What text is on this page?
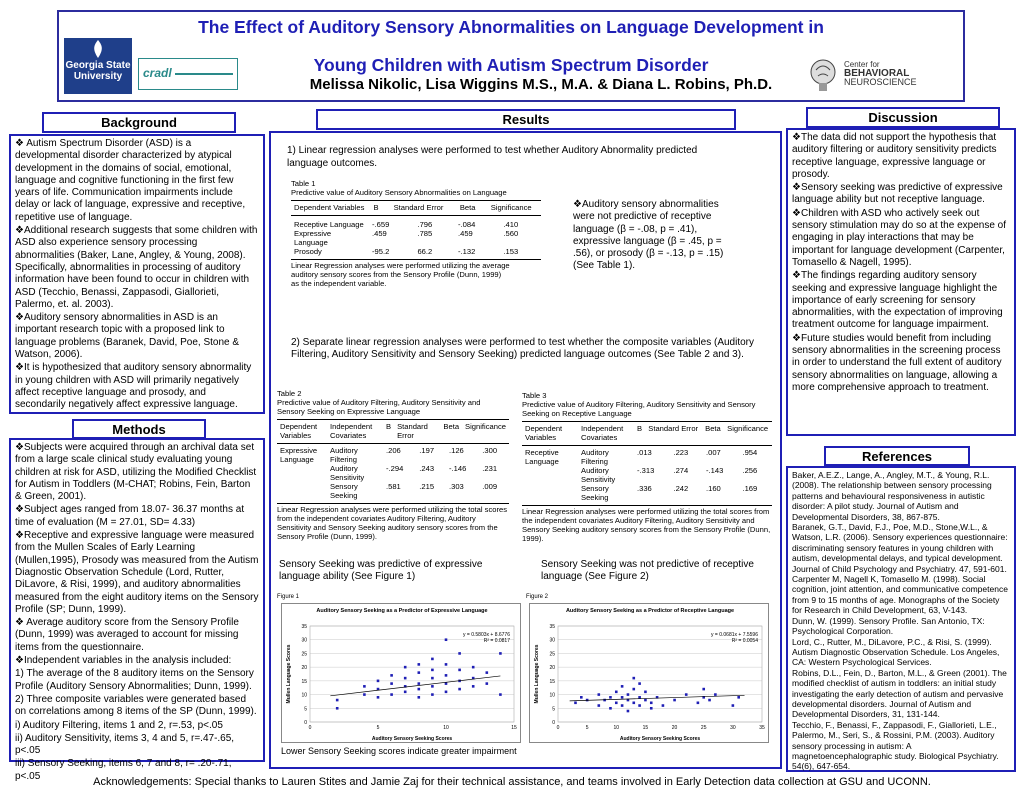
The Effect of Auditory Sensory Abnormalities on Language Development in
Young Children with Autism Spectrum Disorder
Melissa Nikolic, Lisa Wiggins M.S., M.A. & Diana L. Robins, Ph.D.
Georgia State University	cradl
Center for
BEHAVIORAL
NEUROSCIENCE
Background	Results	Discussion
Methods
References

❖ Autism Spectrum Disorder (ASD) is a developmental disorder characterized by atypical development in the domains of social, emotional, language and cognitive functioning in the first few years of life. Communication impairments include delay or lack of language, expressive and receptive, repetitive use of language.

❖Additional research suggests that some children with ASD also experience sensory processing abnormalities (Baker, Lane, Angley, & Young, 2008). Specifically, abnormalities in processing of auditory information have been found to occur in children with ASD (Tecchio, Benassi, Zappasodi, Giallorieti, Palermo, et. al. 2003).

❖Auditory sensory abnormalities in ASD is an important research topic with a proposed link to language problems (Baranek, David, Poe, Stone & Watson, 2006).

❖It is hypothesized that auditory sensory abnormality in young children with ASD will primarily negatively affect receptive language and prosody, and secondarily negatively affect expressive language.

❖Subjects were acquired through an archival data set from a large scale clinical study evaluating young children at risk for ASD, utilizing the Modified Checklist for Autism in Toddlers (M-CHAT; Robins, Fein, Barton & Green, 2001).

❖Subject ages ranged from 18.07- 36.37 months at time of evaluation (M = 27.01, SD= 4.33)

❖Receptive and expressive language were measured from the Mullen Scales of Early Learning (Mullen,1995), Prosody was measured from the Autism Diagnostic Observation Schedule (Lord, Rutter, DiLavore, & Risi, 1999), and auditory abnormalities measured from the eight auditory items on the Sensory Profile (SP; Dunn, 1999).

❖ Average auditory score from the Sensory Profile (Dunn, 1999) was averaged to account for missing items from the questionnaire.

❖Independent variables in the analysis included:

1) The average of the 8 auditory items on the Sensory Profile (Auditory Sensory Abnormalities; Dunn, 1999).

2) Three composite variables were generated based on correlations among 8 items of the SP (Dunn, 1999).

i) Auditory Filtering, items 1 and 2, r=.53, p<.05

ii) Auditory Sensitivity, items 3, 4 and 5, r=.47-.65, p<.05

iii) Sensory Seeking, items 6, 7 and 8, r= .20-.71, p<.05

1) Linear regression analyses were performed to test whether Auditory Abnormality predicted language outcomes.
Table 1
Predictive value of Auditory Sensory Abnormalities on Language
Dependent Variables	B	Standard Error	Beta	Significance
Receptive Language	-.659	.796	-.084	.410
Expressive Language	.459	.785	.459	.560
Prosody	-95.2	66.2	-.132	.153
Linear Regression analyses were performed utilizing the average auditory sensory scores from the Sensory Profile (Dunn, 1999) as the independent variable.
❖Auditory sensory abnormalities were not predictive of receptive language (β = -.08, p = .41), expressive language (β = .45, p = .56), or prosody (β = -.13, p = .15) (See Table 1).
2) Separate linear regression analyses were performed to test whether the composite variables (Auditory Filtering, Auditory Sensitivity and Sensory Seeking) predicted language outcomes (See Table 2 and 3).
Table 2
Predictive value of Auditory Filtering, Auditory Sensitivity and Sensory Seeking on Expressive Language
Dependent Variables	Independent Covariates	B	Standard Error	Beta	Significance
Expressive Language	Auditory Filtering	.206	.197	.126	.300
	Auditory Sensitivity	-.294	.243	-.146	.231
	Sensory Seeking	.581	.215	.303	.009
Linear Regression analyses were performed utilizing the total scores from the independent covariates Auditory Filtering, Auditory Sensitivity and Sensory Seeking auditory sensory scores from the Sensory Profile (Dunn, 1999).
Table 3
Predictive value of Auditory Filtering, Auditory Sensitivity and Sensory Seeking on Receptive Language
Dependent Variables	Independent Covariates	B	Standard Error	Beta	Significance
Receptive Language	Auditory Filtering	.013	.223	.007	.954
	Auditory Sensitivity	-.313	.274	-.143	.256
	Sensory Seeking	.336	.242	.160	.169
Linear Regression analyses were performed utilizing the total scores from the independent covariates Auditory Filtering, Auditory Sensitivity and Sensory Seeking auditory sensory scores from the Sensory Profile (Dunn, 1999).
Sensory Seeking was predictive of expressive language ability (See Figure 1)
Sensory Seeking was not predictive of receptive language (See Figure 2)
Figure 1
Auditory Sensory Seeking as a Predictor of Expressive Language
0
5
10
15
20
25
30
35
0	5	10	15
Auditory Sensory Seeking Scores
Mullen Language Scores
y = 0.5803x + 8.6776
R² = 0.0817
Figure 2
Auditory Sensory Seeking as a Predictor of Receptive Language
0
5
10
15
20
25
30
35
0	5	10	15	20	25	30	35
Auditory Sensory Seeking Scores
Mullen Language Scores
y = 0.0681x + 7.5596
R² = 0.0054
Lower Sensory Seeking scores indicate greater impairment

❖The data did not support the hypothesis that auditory filtering or auditory sensitivity predicts receptive language, expressive language or prosody.

❖Sensory seeking was predictive of expressive language ability but not receptive language.

❖Children with ASD who actively seek out sensory stimulation may do so at the expense of engaging in play interactions that may be important for language development (Carpenter, Tomasello & Nagell, 1995).

❖The findings regarding auditory sensory seeking and expressive language highlight the importance of early screening for sensory abnormalities, with the expectation of improving treatment outcome for language impairment.

❖Future studies would benefit from including sensory abnormalities in the screening process in order to understand the full extent of auditory sensory abnormalities on language, allowing a more comprehensive approach to treatment.

Baker, A.E.Z., Lange, A., Angley, M.T., & Young, R.L. (2008). The relationship between sensory processing patterns and behavioural responsiveness in autistic disorder: A pilot study. Journal of Autism and Developmental Disorders, 38, 867-875.

Baranek, G.T., David, F.J., Poe, M.D., Stone,W.L., & Watson, L.R. (2006). Sensory experiences questionnaire: discriminating sensory features in young children with autism, developmental delays, and typical development. Journal of Child Psychology and Psychiatry. 47, 591-601.

Carpenter M, Nagell K, Tomasello M. (1998). Social cognition, joint attention, and communicative competence from 9 to 15 months of age. Monographs of the Society for Research in Child Development, 63, V-143.

Dunn, W. (1999). Sensory Profile. San Antonio, TX: Psychological Corporation.

Lord, C., Rutter, M., DiLavore, P.C., & Risi, S. (1999). Autism Diagnostic Observation Schedule. Los Angeles, CA: Western Psychological Services.

Robins, D.L., Fein, D., Barton, M.L., & Green (2001). The modified checklist of autism in toddlers: an initial study investigating the early detection of autism and pervasive developmental disorders. Journal of Autism and Developmental Disorders, 31, 131-144.

Tecchio, F., Benassi, F., Zappasodi, F., Giallorieti, L.E., Palermo, M., Seri, S., & Rossini, P.M. (2003). Auditory sensory processing in autism: A magnetoencephalographic study. Biological Psychiatry. 54(6), 647-654.

Acknowledgements: Special thanks to Lauren Stites and Jamie Zaj for their technical assistance, and teams involved in Early Detection data collection at GSU and UCONN.
